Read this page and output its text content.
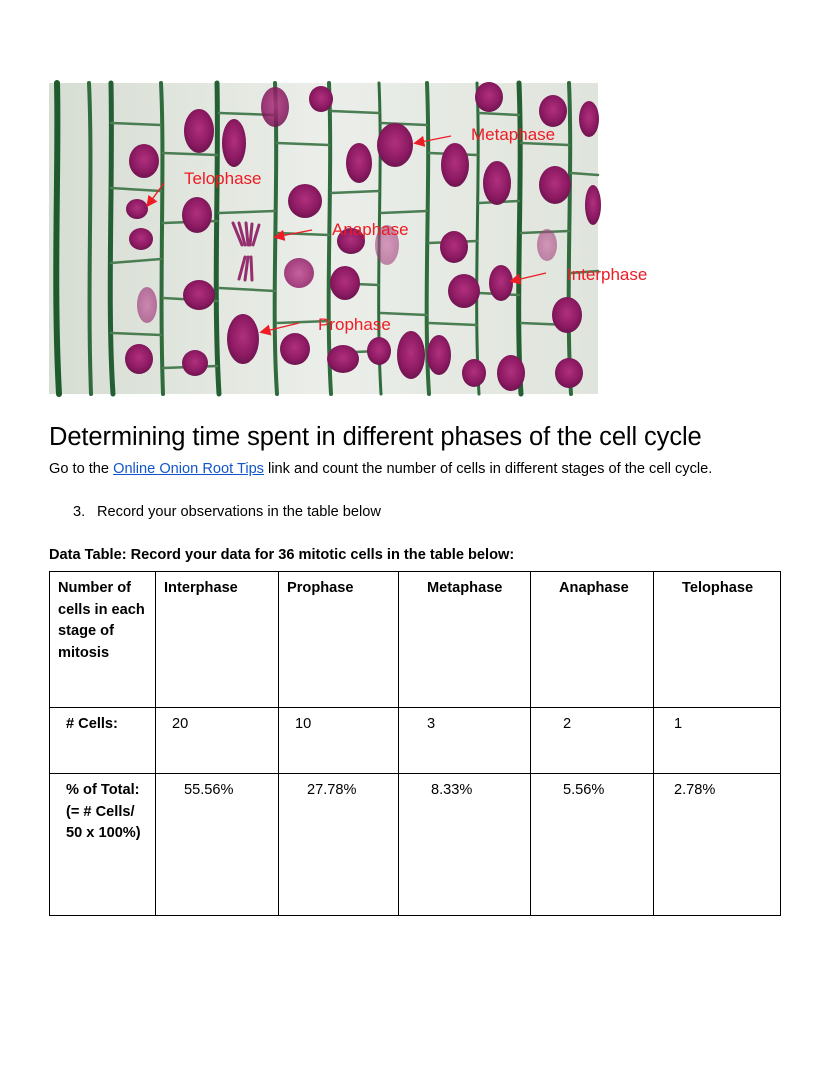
Metaphase
Telophase
Anaphase
Interphase
Prophase
Determining time spent in different phases of the cell cycle

Go to the Online Onion Root Tips link and count the number of cells in different stages of the cell cycle.

3. Record your observations in the table below

Data Table: Record your data for 36 mitotic cells in the table below:

Number of cells in each stage of mitosis	Interphase	Prophase	Metaphase	Anaphase	Telophase
# Cells:	20	10	3	2	1
% of Total: (= # Cells/ 50 x 100%)	55.56%	27.78%	8.33%	5.56%	2.78%
